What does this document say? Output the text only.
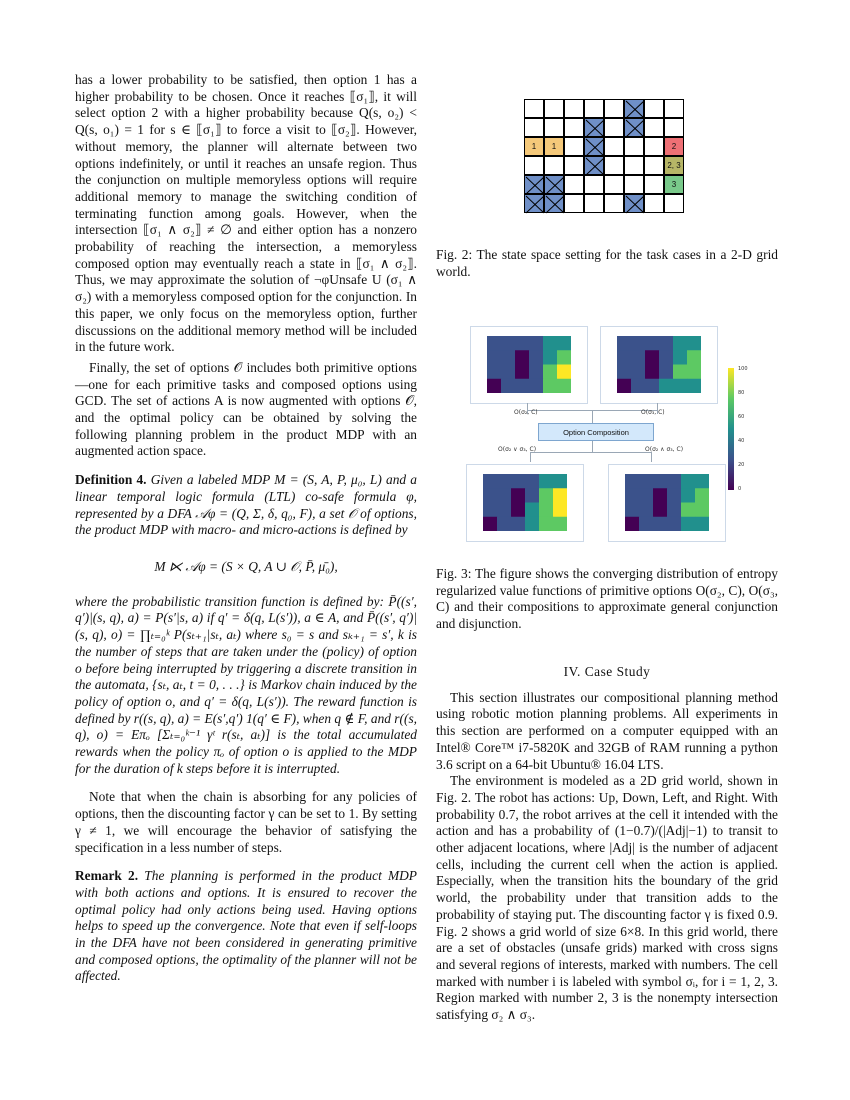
has a lower probability to be satisfied, then option 1 has a higher probability to be chosen. Once it reaches ⟦σ₁⟧, it will select option 2 with a higher probability because Q(s, o₂) < Q(s, o₁) = 1 for s ∈ ⟦σ₁⟧ to force a visit to ⟦σ₂⟧. However, without memory, the planner will alternate between two options indefinitely, or until it reaches an unsafe region. Thus the conjunction on multiple memoryless options will require additional memory to manage the switching condition of terminating function among goals. However, when the intersection ⟦σ₁ ∧ σ₂⟧ ≠ ∅ and either option has a nonzero probability of reaching the intersection, a memoryless composed option may eventually reach a state in ⟦σ₁ ∧ σ₂⟧. Thus, we may approximate the solution of ¬φUnsafe U (σ₁ ∧ σ₂) with a memoryless composed option for the conjunction. In this paper, we only focus on the memoryless option, further discussions on the additional memory method will be included in the future work.

Finally, the set of options 𝒪 includes both primitive options—one for each primitive tasks and composed options using GCD. The set of actions A is now augmented with options 𝒪, and the optimal policy can be obtained by solving the following planning problem in the product MDP with an augmented action space.

Definition 4. Given a labeled MDP M = (S, A, P, μ₀, L) and a linear temporal logic formula (LTL) co-safe formula φ, represented by a DFA 𝒜φ = (Q, Σ, δ, q₀, F), a set 𝒪 of options, the product MDP with macro- and micro-actions is defined by

M ⋉ 𝒜φ = (S × Q, A ∪ 𝒪, P̄, μ̄₀),

where the probabilistic transition function is defined by: P̄((s′, q′)|(s, q), a) = P(s′|s, a) if q′ = δ(q, L(s′)), a ∈ A, and P̄((s′, q′)|(s, q), o) = ∏ₜ₌₀ᵏ P(sₜ₊₁|sₜ, aₜ) where s₀ = s and sₖ₊₁ = s′, k is the number of steps that are taken under the (policy) of option o before being interrupted by triggering a discrete transition in the automata, {sₜ, aₜ, t = 0, . . .} is Markov chain induced by the policy of option o, and q′ = δ(q, L(s′)). The reward function is defined by r((s, q), a) = E(s′,q′) 1(q′ ∈ F), when q ∉ F, and r((s, q), o) = Eπₒ [Σₜ₌₀ᵏ⁻¹ γᵗ r(sₜ, aₜ)] is the total accumulated rewards when the policy πₒ of option o is applied to the MDP for the duration of k steps before it is interrupted.

Note that when the chain is absorbing for any policies of options, then the discounting factor γ can be set to 1. By setting γ ≠ 1, we will encourage the behavior of satisfying the specification in a less number of steps.

Remark 2. The planning is performed in the product MDP with both actions and options. It is ensured to recover the optimal policy had only actions being used. Having options helps to speed up the convergence. Note that even if self-loops in the DFA have not been considered in generating primitive and composed options, the optimality of the planner will not be affected.

1	1	2
2, 3
3

Fig. 2: The state space setting for the task cases in a 2-D grid world.

O(σ₂, C)	O(σ₃, C)
O(σ₂ ∨ σ₃, C)	O(σ₂ ∧ σ₃, C)
Option Composition
100
80
60
40
20
0

Fig. 3: The figure shows the converging distribution of entropy regularized value functions of primitive options O(σ₂, C), O(σ₃, C) and their compositions to approximate general conjunction and disjunction.

IV. Case Study

This section illustrates our compositional planning method using robotic motion planning problems. All experiments in this section are performed on a computer equipped with an Intel® Core™ i7-5820K and 32GB of RAM running a python 3.6 script on a 64-bit Ubuntu® 16.04 LTS.

The environment is modeled as a 2D grid world, shown in Fig. 2. The robot has actions: Up, Down, Left, and Right. With probability 0.7, the robot arrives at the cell it intended with the action and has a probability of (1−0.7)/(|Adj|−1) to transit to other adjacent locations, where |Adj| is the number of adjacent cells, including the current cell when the action is applied. Especially, when the transition hits the boundary of the grid world, the probability under that transition adds to the probability of staying put. The discounting factor γ is fixed 0.9. Fig. 2 shows a grid world of size 6×8. In this grid world, there are a set of obstacles (unsafe grids) marked with cross signs and several regions of interests, marked with numbers. The cell marked with number i is labeled with symbol σᵢ, for i = 1, 2, 3. Region marked with number 2, 3 is the nonempty intersection satisfying σ₂ ∧ σ₃.
